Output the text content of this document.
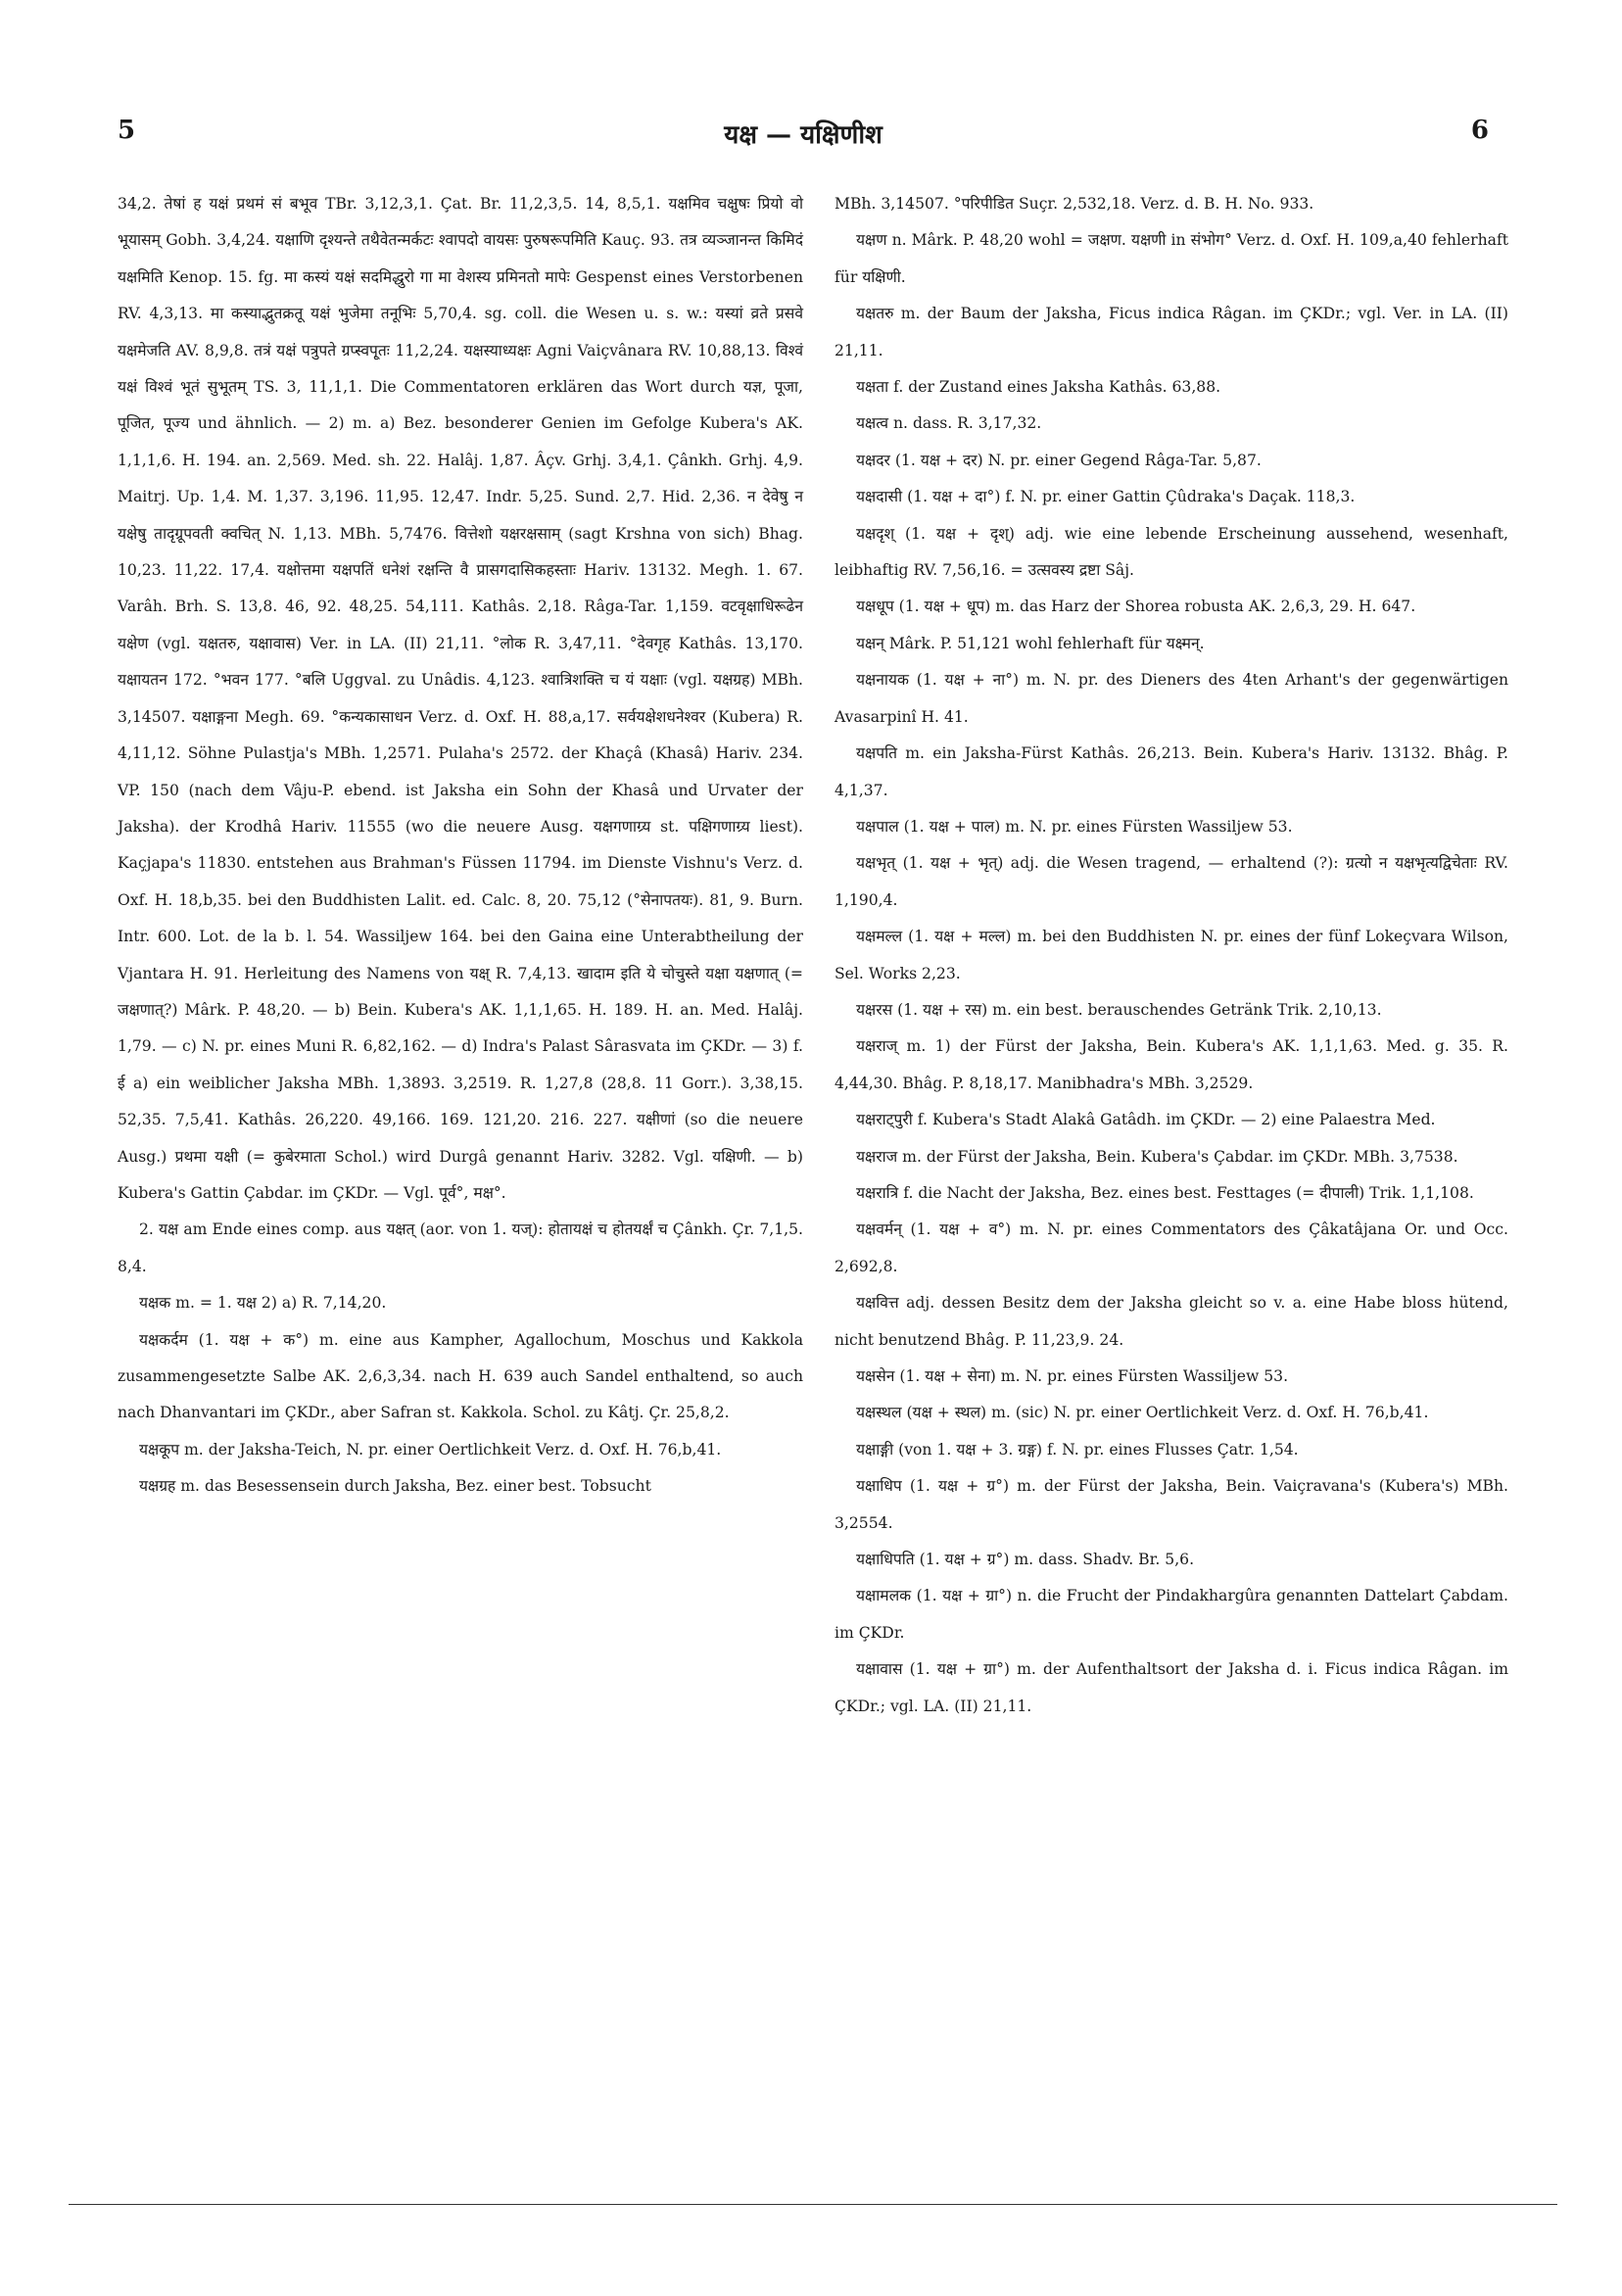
5	यक्ष — यक्षिणीश	6

34,2. तेषां ह यक्षं प्रथमं सं बभूव TBr. 3,12,3,1. Çat. Br. 11,2,3,5. 14, 8,5,1. यक्षमिव चक्षुषः प्रियो वो भूयासम् Gobh. 3,4,24. यक्षाणि दृश्यन्ते तथैवेतन्मर्कटः श्वापदो वायसः पुरुषरूपमिति Kauç. 93. तत्र व्यञ्जानन्त किमिदं यक्षमिति Kenop. 15. fg. मा कस्यं यक्षं सदमिद्धुरो गा मा वेशस्य प्रमिनतो मापेः Gespenst eines Verstorbenen RV. 4,3,13. मा कस्याद्भुतक्रतू यक्षं भुजेमा तनूभिः 5,70,4. sg. coll. die Wesen u. s. w.: यस्यां व्रते प्रसवे यक्षमेजति AV. 8,9,8. तत्रं यक्षं पत्रुपते ग्रप्स्वपृ्तः 11,2,24. यक्षस्याध्यक्षः Agni Vaiçvânara RV. 10,88,13. विश्वं यक्षं विश्वं भूतं सुभूतम् TS. 3, 11,1,1. Die Commentatoren erklären das Wort durch यज्ञ, पूजा, पूजित, पूज्य und ähnlich. — 2) m. a) Bez. besonderer Genien im Gefolge Kubera's AK. 1,1,1,6. H. 194. an. 2,569. Med. sh. 22. Halâj. 1,87. Âçv. Grhj. 3,4,1. Çânkh. Grhj. 4,9. Maitrj. Up. 1,4. M. 1,37. 3,196. 11,95. 12,47. Indr. 5,25. Sund. 2,7. Hid. 2,36. न देवेषु न यक्षेषु तादृग्रूपवती क्वचित् N. 1,13. MBh. 5,7476. वित्तेशो यक्षरक्षसाम् (sagt Krshna von sich) Bhag. 10,23. 11,22. 17,4. यक्षोत्तमा यक्षपतिं धनेशं रक्षन्ति वै प्रासगदासिकहस्ताः Hariv. 13132. Megh. 1. 67. Varâh. Brh. S. 13,8. 46, 92. 48,25. 54,111. Kathâs. 2,18. Râga-Tar. 1,159. वटवृक्षाधिरूढेन यक्षेण (vgl. यक्षतरु, यक्षावास) Ver. in LA. (II) 21,11. °लोक R. 3,47,11. °देवगृह Kathâs. 13,170. यक्षायतन 172. °भवन 177. °बलि Uggval. zu Unâdis. 4,123. श्वात्रिशक्ति च यं यक्षाः (vgl. यक्षग्रह) MBh. 3,14507. यक्षाङ्गना Megh. 69. °कन्यकासाधन Verz. d. Oxf. H. 88,a,17. सर्वयक्षेशधनेश्वर (Kubera) R. 4,11,12. Söhne Pulastja's MBh. 1,2571. Pulaha's 2572. der Khaçâ (Khasâ) Hariv. 234. VP. 150 (nach dem Vâju-P. ebend. ist Jaksha ein Sohn der Khasâ und Urvater der Jaksha). der Krodhâ Hariv. 11555 (wo die neuere Ausg. यक्षगणाग्र्य st. पक्षिगणाग्र्य liest). Kaçjapa's 11830. entstehen aus Brahman's Füssen 11794. im Dienste Vishnu's Verz. d. Oxf. H. 18,b,35. bei den Buddhisten Lalit. ed. Calc. 8, 20. 75,12 (°सेनापतयः). 81, 9. Burn. Intr. 600. Lot. de la b. l. 54. Wassiljew 164. bei den Gaina eine Unterabtheilung der Vjantara H. 91. Herleitung des Namens von यक्ष् R. 7,4,13. खादाम इति ये चोचुस्ते यक्षा यक्षणात् (= जक्षणात्?) Mârk. P. 48,20. — b) Bein. Kubera's AK. 1,1,1,65. H. 189. H. an. Med. Halâj. 1,79. — c) N. pr. eines Muni R. 6,82,162. — d) Indra's Palast Sârasvata im ÇKDr. — 3) f. ई a) ein weiblicher Jaksha MBh. 1,3893. 3,2519. R. 1,27,8 (28,8. 11 Gorr.). 3,38,15. 52,35. 7,5,41. Kathâs. 26,220. 49,166. 169. 121,20. 216. 227. यक्षीणां (so die neuere Ausg.) प्रथमा यक्षी (= कुबेरमाता Schol.) wird Durgâ genannt Hariv. 3282. Vgl. यक्षिणी. — b) Kubera's Gattin Çabdar. im ÇKDr. — Vgl. पूर्व°, मक्ष°.

2. यक्ष am Ende eines comp. aus यक्षत् (aor. von 1. यज्): होतायक्षं च होतयर्क्षं च Çânkh. Çr. 7,1,5. 8,4.

यक्षक m. = 1. यक्ष 2) a) R. 7,14,20.

यक्षकर्दम (1. यक्ष + क°) m. eine aus Kampher, Agallochum, Moschus und Kakkola zusammengesetzte Salbe AK. 2,6,3,34. nach H. 639 auch Sandel enthaltend, so auch nach Dhanvantari im ÇKDr., aber Safran st. Kakkola. Schol. zu Kâtj. Çr. 25,8,2.

यक्षकूप m. der Jaksha-Teich, N. pr. einer Oertlichkeit Verz. d. Oxf. H. 76,b,41.

यक्षग्रह m. das Besessensein durch Jaksha, Bez. einer best. Tobsucht

MBh. 3,14507. °परिपीडित Suçr. 2,532,18. Verz. d. B. H. No. 933.

यक्षण n. Mârk. P. 48,20 wohl = जक्षण. यक्षणी in संभोग° Verz. d. Oxf. H. 109,a,40 fehlerhaft für यक्षिणी.

यक्षतरु m. der Baum der Jaksha, Ficus indica Râgan. im ÇKDr.; vgl. Ver. in LA. (II) 21,11.

यक्षता f. der Zustand eines Jaksha Kathâs. 63,88.

यक्षत्व n. dass. R. 3,17,32.

यक्षदर (1. यक्ष + दर) N. pr. einer Gegend Râga-Tar. 5,87.

यक्षदासी (1. यक्ष + दा°) f. N. pr. einer Gattin Çûdraka's Daçak. 118,3.

यक्षदृश् (1. यक्ष + दृश्) adj. wie eine lebende Erscheinung aussehend, wesenhaft, leibhaftig RV. 7,56,16. = उत्सवस्य द्रष्टा Sâj.

यक्षधूप (1. यक्ष + धूप) m. das Harz der Shorea robusta AK. 2,6,3, 29. H. 647.

यक्षन् Mârk. P. 51,121 wohl fehlerhaft für यक्ष्मन्.

यक्षनायक (1. यक्ष + ना°) m. N. pr. des Dieners des 4ten Arhant's der gegenwärtigen Avasarpinî H. 41.

यक्षपति m. ein Jaksha-Fürst Kathâs. 26,213. Bein. Kubera's Hariv. 13132. Bhâg. P. 4,1,37.

यक्षपाल (1. यक्ष + पाल) m. N. pr. eines Fürsten Wassiljew 53.

यक्षभृत् (1. यक्ष + भृत्) adj. die Wesen tragend, — erhaltend (?): ग्रत्यो न यक्षभृत्यद्विचेताः RV. 1,190,4.

यक्षमल्ल (1. यक्ष + मल्ल) m. bei den Buddhisten N. pr. eines der fünf Lokeçvara Wilson, Sel. Works 2,23.

यक्षरस (1. यक्ष + रस) m. ein best. berauschendes Getränk Trik. 2,10,13.

यक्षराज् m. 1) der Fürst der Jaksha, Bein. Kubera's AK. 1,1,1,63. Med. g. 35. R. 4,44,30. Bhâg. P. 8,18,17. Manibhadra's MBh. 3,2529.

यक्षराट्पुरी f. Kubera's Stadt Alakâ Gatâdh. im ÇKDr. — 2) eine Palaestra Med.

यक्षराज m. der Fürst der Jaksha, Bein. Kubera's Çabdar. im ÇKDr. MBh. 3,7538.

यक्षरात्रि f. die Nacht der Jaksha, Bez. eines best. Festtages (= दीपाली) Trik. 1,1,108.

यक्षवर्मन् (1. यक्ष + व°) m. N. pr. eines Commentators des Çâkatâjana Or. und Occ. 2,692,8.

यक्षवित्त adj. dessen Besitz dem der Jaksha gleicht so v. a. eine Habe bloss hütend, nicht benutzend Bhâg. P. 11,23,9. 24.

यक्षसेन (1. यक्ष + सेना) m. N. pr. eines Fürsten Wassiljew 53.

यक्षस्थल (यक्ष + स्थल) m. (sic) N. pr. einer Oertlichkeit Verz. d. Oxf. H. 76,b,41.

यक्षाङ्गी (von 1. यक्ष + 3. ग्रङ्ग) f. N. pr. eines Flusses Çatr. 1,54.

यक्षाधिप (1. यक्ष + ग्र°) m. der Fürst der Jaksha, Bein. Vaiçravana's (Kubera's) MBh. 3,2554.

यक्षाधिपति (1. यक्ष + ग्र°) m. dass. Shadv. Br. 5,6.

यक्षामलक (1. यक्ष + ग्रा°) n. die Frucht der Pindakhargûra genannten Dattelart Çabdam. im ÇKDr.

यक्षावास (1. यक्ष + ग्रा°) m. der Aufenthaltsort der Jaksha d. i. Ficus indica Râgan. im ÇKDr.; vgl. LA. (II) 21,11.
